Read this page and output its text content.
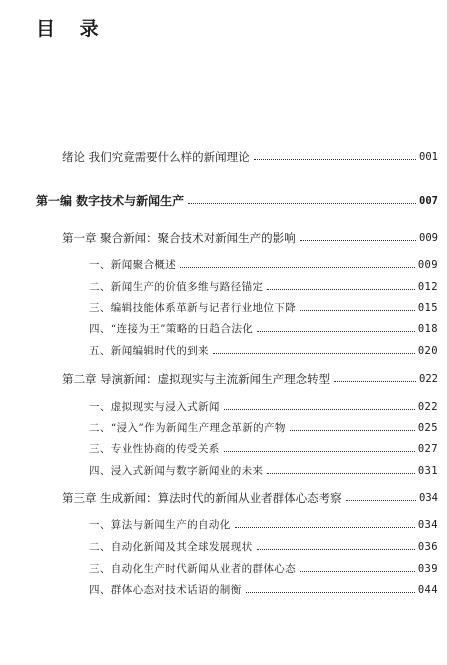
目 录
绪论 我们究竟需要什么样的新闻理论	001
第一编 数字技术与新闻生产	007
第一章 聚合新闻：聚合技术对新闻生产的影响	009
一、新闻聚合概述	009
二、新闻生产的价值多维与路径锚定	012
三、编辑技能体系革新与记者行业地位下降	015
四、“连接为王”策略的日趋合法化	018
五、新闻编辑时代的到来	020
第二章 导演新闻：虚拟现实与主流新闻生产理念转型	022
一、虚拟现实与浸入式新闻	022
二、“浸入”作为新闻生产理念革新的产物	025
三、专业性协商的传受关系	027
四、浸入式新闻与数字新闻业的未来	031
第三章 生成新闻：算法时代的新闻从业者群体心态考察	034
一、算法与新闻生产的自动化	034
二、自动化新闻及其全球发展现状	036
三、自动化生产时代新闻从业者的群体心态	039
四、群体心态对技术话语的制衡	044
